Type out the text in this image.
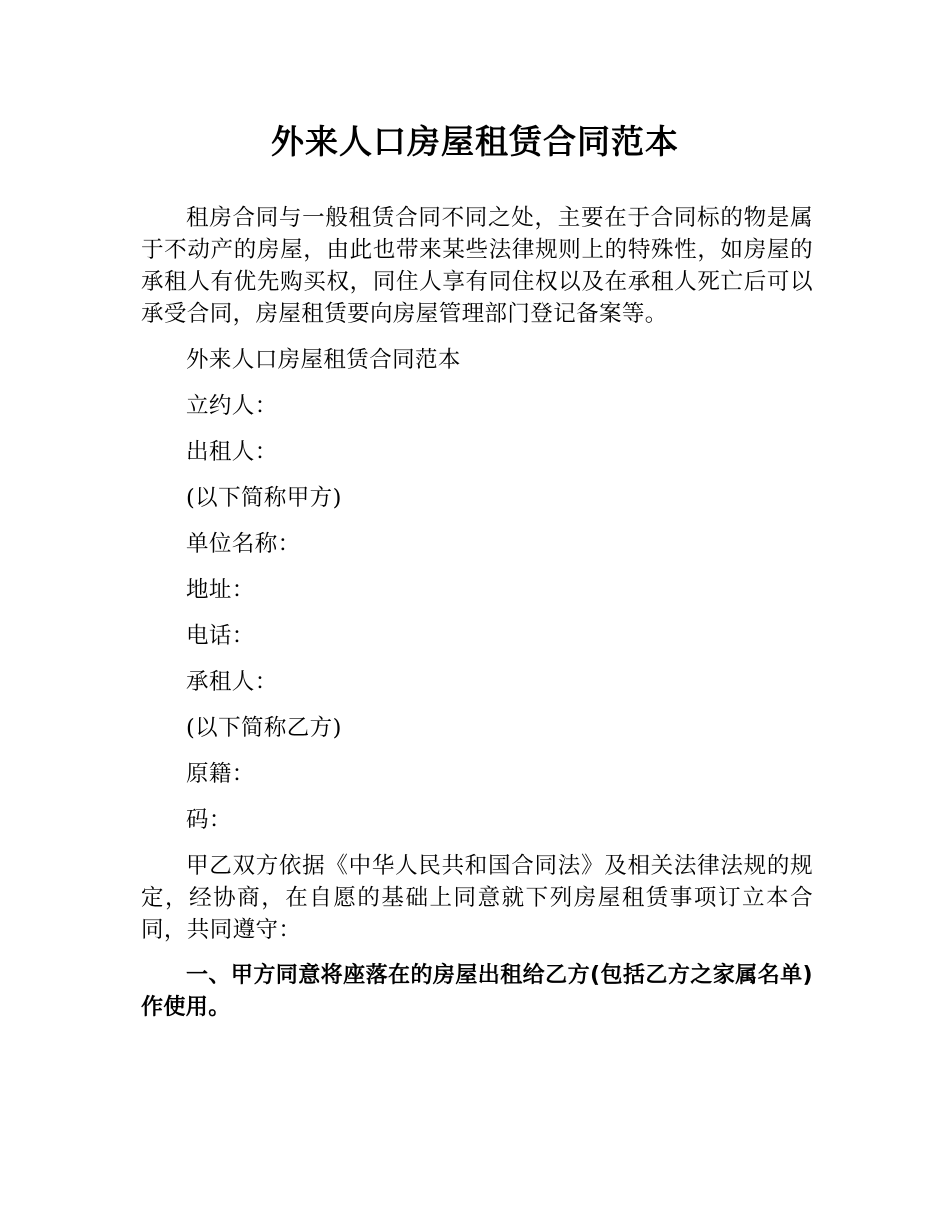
外来人口房屋租赁合同范本

租房合同与一般租赁合同不同之处，主要在于合同标的物是属于不动产的房屋，由此也带来某些法律规则上的特殊性，如房屋的承租人有优先购买权，同住人享有同住权以及在承租人死亡后可以承受合同，房屋租赁要向房屋管理部门登记备案等。

外来人口房屋租赁合同范本

立约人：

出租人：

(以下简称甲方)

单位名称：

地址：

电话：

承租人：

(以下简称乙方)

原籍：

码：

甲乙双方依据《中华人民共和国合同法》及相关法律法规的规定，经协商，在自愿的基础上同意就下列房屋租赁事项订立本合同，共同遵守：

一、甲方同意将座落在的房屋出租给乙方(包括乙方之家属名单)作使用。
